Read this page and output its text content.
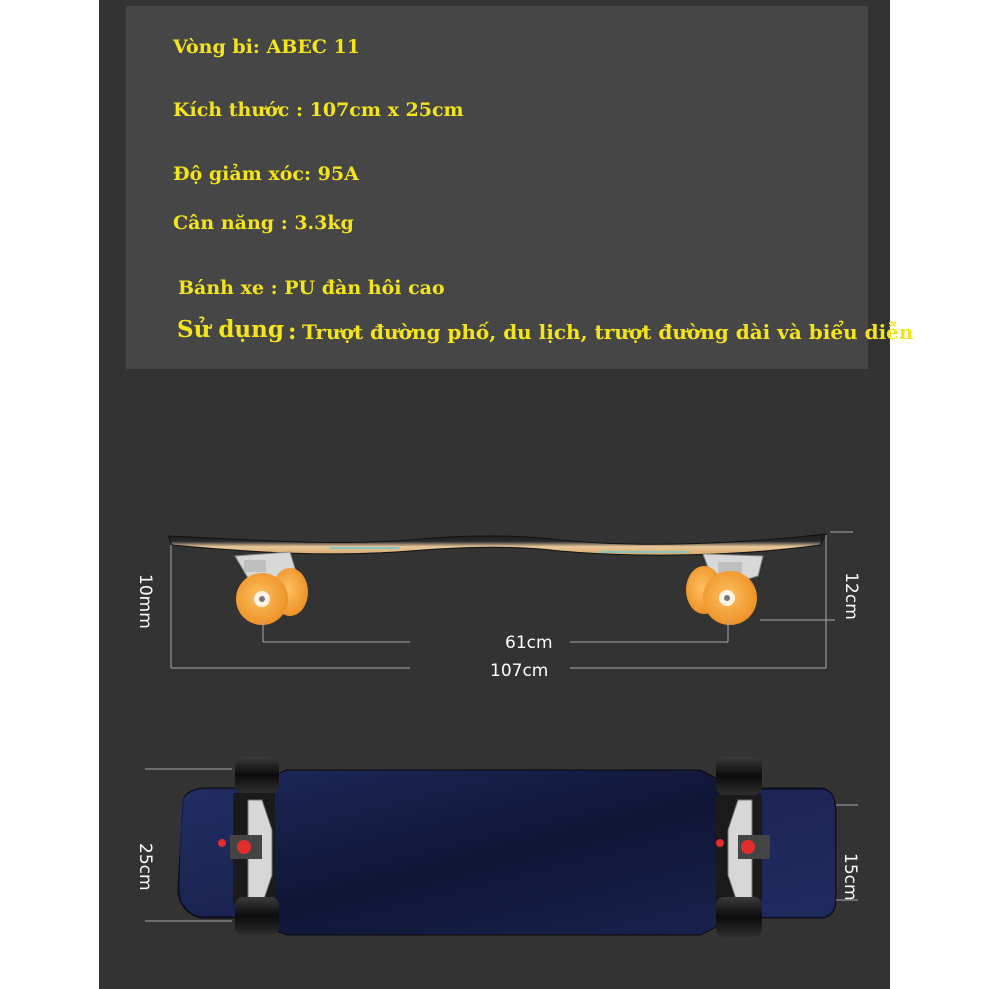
Vòng bi: ABEC 11
Kích thước : 107cm x 25cm
Độ giảm xóc: 95A
Cân năng : 3.3kg
Bánh xe : PU đàn hôi cao
Sử dụng : Trượt đường phố, du lịch, trượt đường dài và biểu diễn
10mm	12cm
61cm
107cm
25cm	15cm
